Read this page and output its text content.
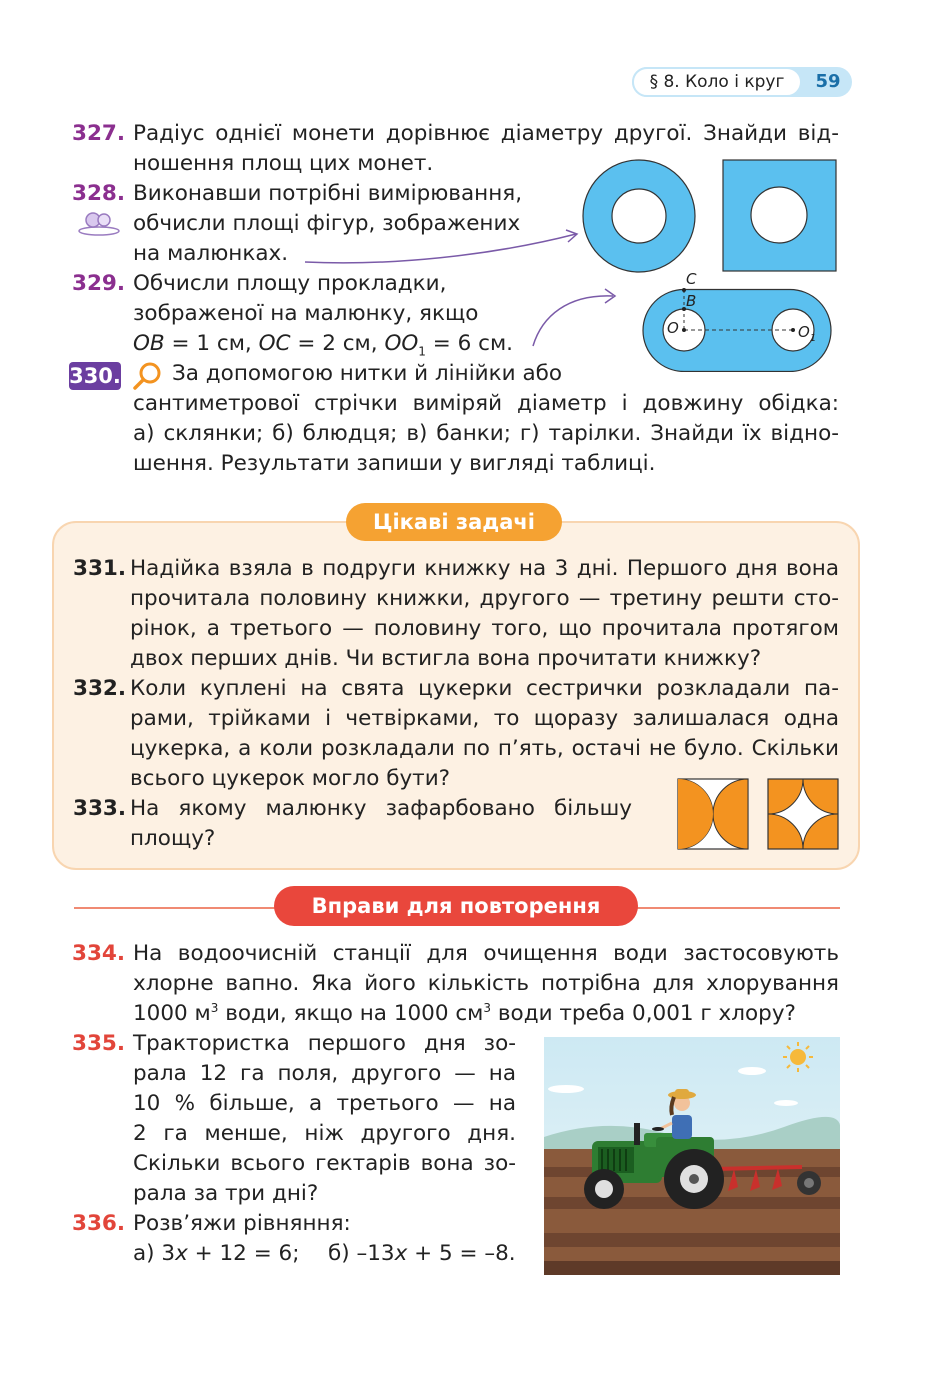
§ 8. Коло і круг	59
327. Радіус однієї монети дорівнює діаметру другої. Знайди від-
ношення площ цих монет.
328. Виконавши потрібні вимірювання,
обчисли площі фігур, зображених
на малюнках.
329. Обчисли площу прокладки,
зображеної на малюнку, якщо
OB = 1 см, OC = 2 см, $OO_1 = 6$ см.
C
B
O	$O_1$
330. За допомогою нитки й лінійки або
сантиметрової стрічки виміряй діаметр і довжину обідка:
а) склянки; б) блюдця; в) банки; г) тарілки. Знайди їх відно-
шення. Результати запиши у вигляді таблиці.
Цікаві задачі
331. Надійка взяла в подруги книжку на 3 дні. Першого дня вона
прочитала половину книжки, другого — третину решти сто-
рінок, а третього — половину того, що прочитала протягом
двох перших днів. Чи встигла вона прочитати книжку?
332. Коли куплені на свята цукерки сестрички розкладали па-
рами, трійками і четвірками, то щоразу залишалася одна
цукерка, а коли розкладали по п’ять, остачі не було. Скільки
всього цукерок могло бути?
333. На якому малюнку зафарбовано більшу
площу?
Вправи для повторення
334. На водоочисній станції для очищення води застосовують
хлорне вапно. Яка його кількість потрібна для хлорування
1000 $м^3$ води, якщо на 1000 $см^3$ води треба 0,001 г хлору?
335. Трактористка першого дня зо-
рала 12 га поля, другого — на
10 % більше, а третього — на
2 га менше, ніж другого дня.
Скільки всього гектарів вона зо-
рала за три дні?
336. Розв’яжи рівняння:
а) 3x + 12 = 6; б) –13x + 5 = –8.
